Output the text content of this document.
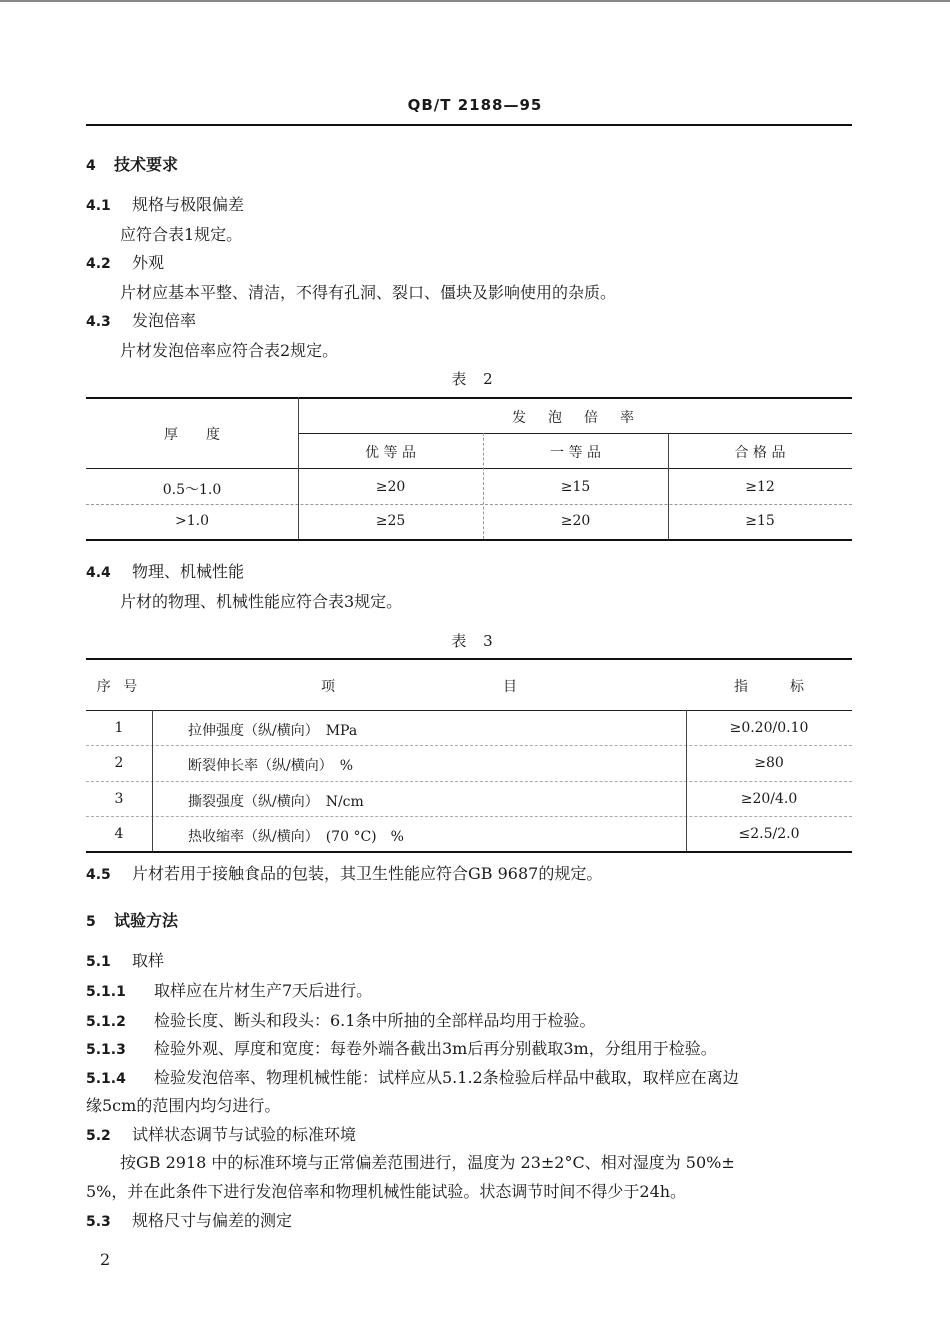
QB/T 2188—95
4 技术要求
4.1 规格与极限偏差
应符合表1规定。
4.2 外观
片材应基本平整、清洁，不得有孔洞、裂口、僵块及影响使用的杂质。
4.3 发泡倍率
片材发泡倍率应符合表2规定。
表 2
厚　　度
发　泡　倍　率
优 等 品	一 等 品	合 格 品
0.5～1.0	≥20	≥15	≥12
>1.0	≥25	≥20	≥15
4.4 物理、机械性能
片材的物理、机械性能应符合表3规定。
表 3
序 号	项　　　　　　　　　　　　目	指　　　标
1	拉伸强度（纵/横向）　MPa	≥0.20/0.10
2	断裂伸长率（纵/横向）　%	≥80
3	撕裂强度（纵/横向）　N/cm	≥20/4.0
4	热收缩率（纵/横向）　(70 °C)　%	≤2.5/2.0
4.5 片材若用于接触食品的包装，其卫生性能应符合GB 9687的规定。
5 试验方法
5.1 取样
5.1.1 取样应在片材生产7天后进行。
5.1.2 检验长度、断头和段头：6.1条中所抽的全部样品均用于检验。
5.1.3 检验外观、厚度和宽度：每卷外端各截出3m后再分别截取3m，分组用于检验。
5.1.4 检验发泡倍率、物理机械性能：试样应从5.1.2条检验后样品中截取，取样应在离边
缘5cm的范围内均匀进行。
5.2 试样状态调节与试验的标准环境
按GB 2918 中的标准环境与正常偏差范围进行，温度为 23±2°C、相对湿度为 50%±
5%，并在此条件下进行发泡倍率和物理机械性能试验。状态调节时间不得少于24h。
5.3 规格尺寸与偏差的测定
2
